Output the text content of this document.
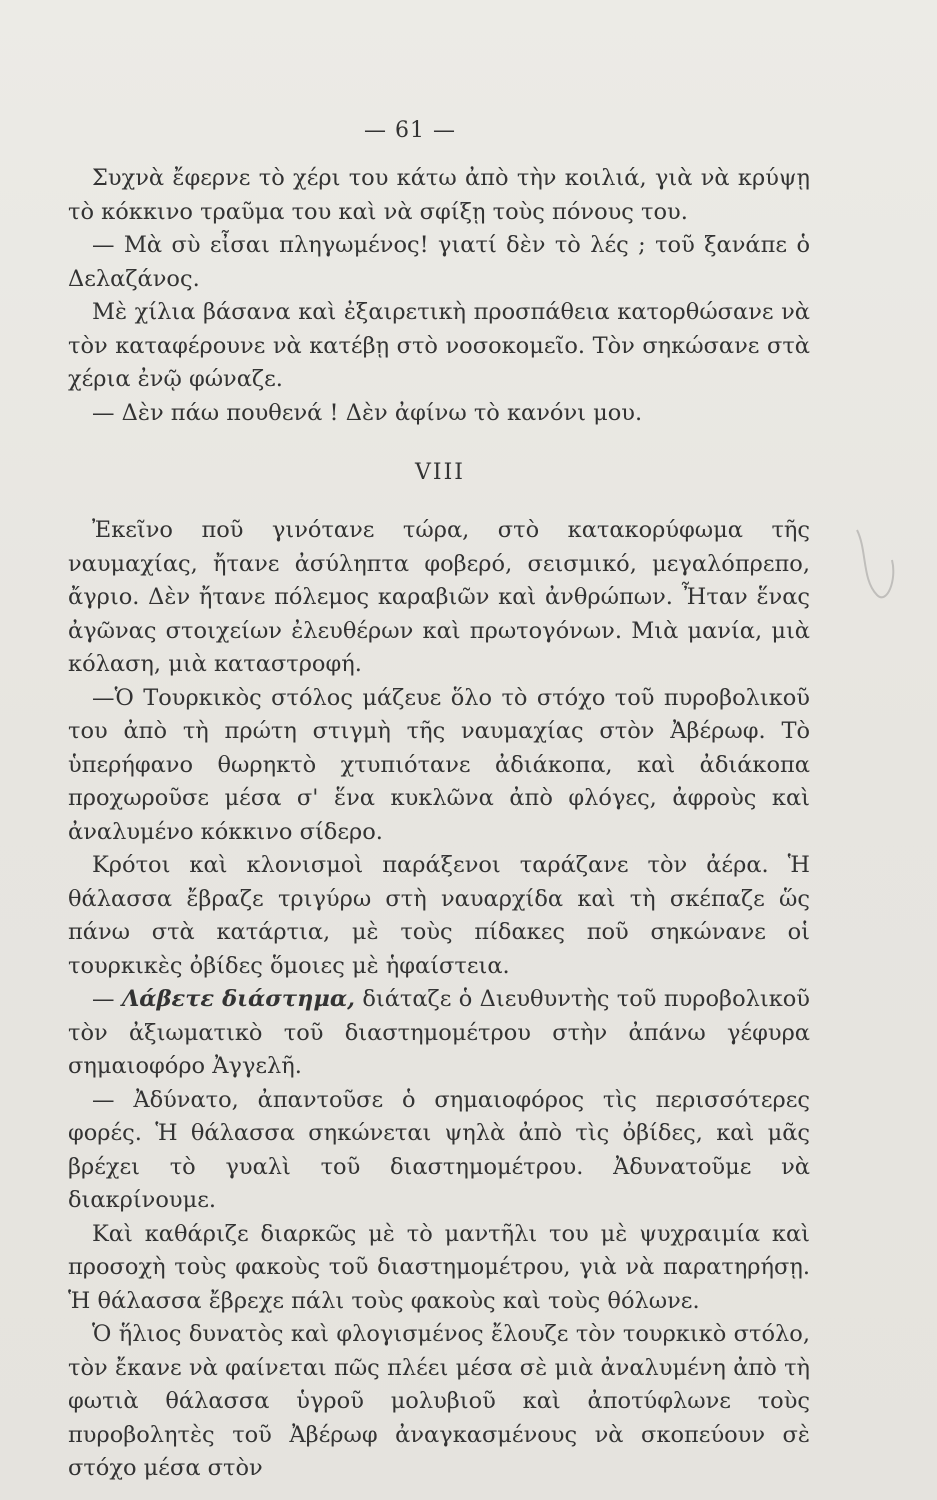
— 61 —

Συχνὰ ἔφερνε τὸ χέρι του κάτω ἀπὸ τὴν κοιλιά, γιὰ νὰ κρύψῃ τὸ κόκκινο τραῦμα του καὶ νὰ σφίξῃ τοὺς πόνους του.

— Μὰ σὺ εἶσαι πληγωμένος! γιατί δὲν τὸ λές ; τοῦ ξανάπε ὁ Δελαζάνος.

Μὲ χίλια βάσανα καὶ ἐξαιρετικὴ προσπάθεια κατορθώσανε νὰ τὸν καταφέρουνε νὰ κατέβῃ στὸ νοσοκομεῖο. Τὸν σηκώσανε στὰ χέρια ἐνῷ φώναζε.

— Δὲν πάω πουθενά ! Δὲν ἀφίνω τὸ κανόνι μου.

VIII

Ἐκεῖνο ποῦ γινότανε τώρα, στὸ κατακορύφωμα τῆς ναυμαχίας, ἤτανε ἀσύληπτα φοβερό, σεισμικό, μεγαλόπρεπο, ἄγριο. Δὲν ἤτανε πόλεμος καραβιῶν καὶ ἀνθρώπων. Ἦταν ἕνας ἀγῶνας στοιχείων ἐλευθέρων καὶ πρωτογόνων. Μιὰ μανία, μιὰ κόλαση, μιὰ καταστροφή.

—Ὁ Τουρκικὸς στόλος μάζευε ὅλο τὸ στόχο τοῦ πυροβολικοῦ του ἀπὸ τὴ πρώτη στιγμὴ τῆς ναυμαχίας στὸν Ἀβέρωφ. Τὸ ὑπερήφανο θωρηκτὸ χτυπιότανε ἀδιάκοπα, καὶ ἀδιάκοπα προχωροῦσε μέσα σ' ἕνα κυκλῶνα ἀπὸ φλόγες, ἀφροὺς καὶ ἀναλυμένο κόκκινο σίδερο.

Κρότοι καὶ κλονισμοὶ παράξενοι ταράζανε τὸν ἀέρα. Ἡ θάλασσα ἔβραζε τριγύρω στὴ ναυαρχίδα καὶ τὴ σκέπαζε ὥς πάνω στὰ κατάρτια, μὲ τοὺς πίδακες ποῦ σηκώνανε οἱ τουρκικὲς ὀβίδες ὅμοιες μὲ ἡφαίστεια.

— Λάβετε διάστημα, διάταζε ὁ Διευθυντὴς τοῦ πυροβολικοῦ τὸν ἀξιωματικὸ τοῦ διαστημομέτρου στὴν ἀπάνω γέφυρα σημαιοφόρο Ἀγγελῆ.

— Ἀδύνατο, ἀπαντοῦσε ὁ σημαιοφόρος τὶς περισσότερες φορές. Ἡ θάλασσα σηκώνεται ψηλὰ ἀπὸ τὶς ὀβίδες, καὶ μᾶς βρέχει τὸ γυαλὶ τοῦ διαστημομέτρου. Ἀδυνατοῦμε νὰ διακρίνουμε.

Καὶ καθάριζε διαρκῶς μὲ τὸ μαντῆλι του μὲ ψυχραιμία καὶ προσοχὴ τοὺς φακοὺς τοῦ διαστημομέτρου, γιὰ νὰ παρατηρήσῃ. Ἡ θάλασσα ἔβρεχε πάλι τοὺς φακοὺς καὶ τοὺς θόλωνε.

Ὁ ἥλιος δυνατὸς καὶ φλογισμένος ἔλουζε τὸν τουρκικὸ στόλο, τὸν ἔκανε νὰ φαίνεται πῶς πλέει μέσα σὲ μιὰ ἀναλυμένη ἀπὸ τὴ φωτιὰ θάλασσα ὑγροῦ μολυβιοῦ καὶ ἀποτύφλωνε τοὺς πυροβολητὲς τοῦ Ἀβέρωφ ἀναγκασμένους νὰ σκοπεύουν σὲ στόχο μέσα στὸν
